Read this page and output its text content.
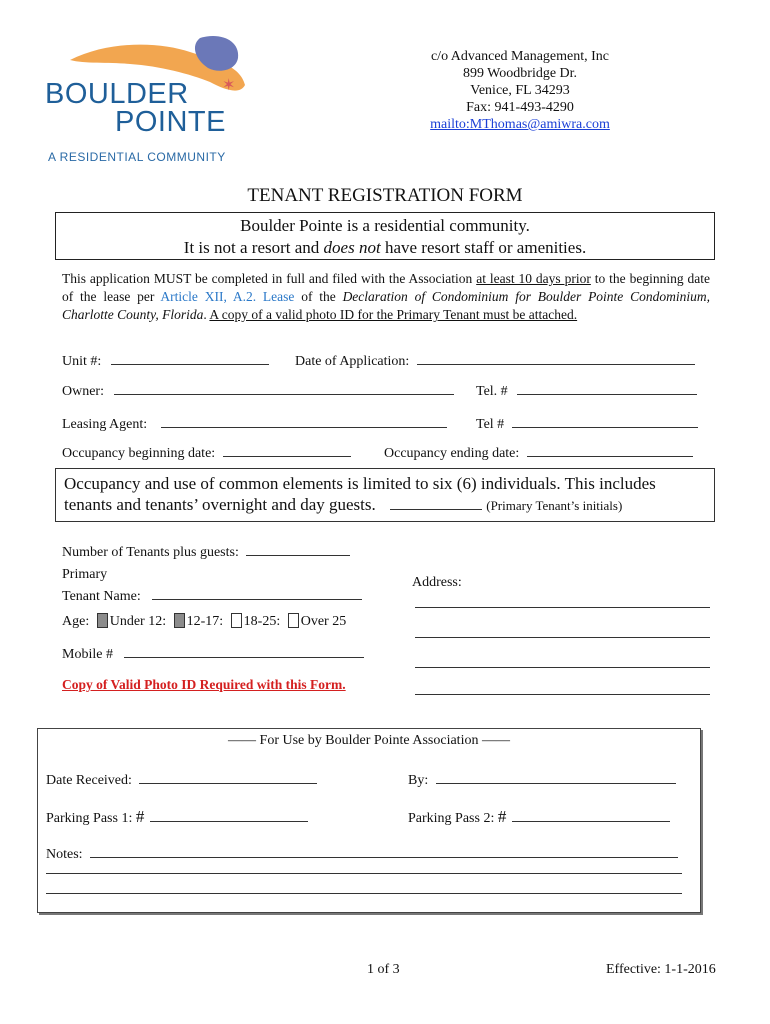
✶
BOULDER
POINTE
A RESIDENTIAL COMMUNITY
c/o Advanced Management, Inc
899 Woodbridge Dr.
Venice, FL 34293
Fax: 941-493-4290
mailto:MThomas@amiwra.com
TENANT REGISTRATION FORM
Boulder Pointe is a residential community.
It is not a resort and does not have resort staff or amenities.
This application MUST be completed in full and filed with the Association at least 10 days prior to the beginning date of the lease per Article XII, A.2. Lease of the Declaration of Condominium for Boulder Pointe Condominium, Charlotte County, Florida. A copy of a valid photo ID for the Primary Tenant must be attached.
Unit #:	Date of Application:
Owner:	Tel. #
Leasing Agent:	Tel #
Occupancy beginning date:	Occupancy ending date:
Occupancy and use of common elements is limited to six (6) individuals. This includes
tenants and tenants’ overnight and day guests.	(Primary Tenant’s initials)
Number of Tenants plus guests:
Primary
Tenant Name:
Address:
Age: Under 12: 12-17: 18-25: Over 25
Mobile #
Copy of Valid Photo ID Required with this Form.
—— For Use by Boulder Pointe Association ——
Date Received:	By:
Parking Pass 1: #	Parking Pass 2: #
Notes:
1 of 3	Effective: 1-1-2016
